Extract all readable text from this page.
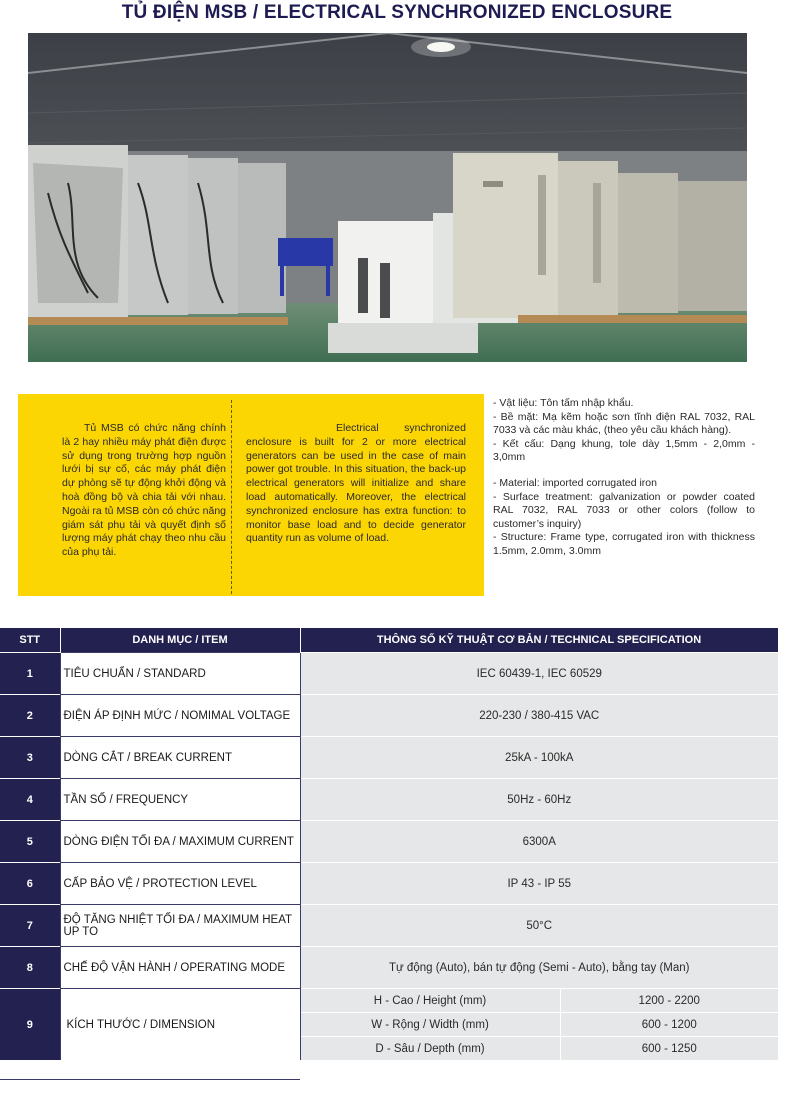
TỦ ĐIỆN MSB / ELECTRICAL SYNCHRONIZED ENCLOSURE
Tủ MSB có chức năng chính là 2 hay nhiều máy phát điện được sử dụng trong trường hợp nguồn lưới bị sự cố, các máy phát điện dự phòng sẽ tự động khởi động và hoà đồng bộ và chia tải với nhau. Ngoài ra tủ MSB còn có chức năng giám sát phụ tải và quyết định số lượng máy phát chạy theo nhu cầu của phụ tải.
Electrical synchronized enclosure is built for 2 or more electrical generators can be used in the case of main power got trouble. In this situation, the back-up electrical generators will initialize and share load automatically. Moreover, the electrical synchronized enclosure has extra function: to monitor base load and to decide generator quantity run as volume of load.

- Vật liệu: Tôn tấm nhập khẩu.

- Bề mặt: Mạ kẽm hoặc sơn tĩnh điện RAL 7032, RAL 7033 và các màu khác, (theo yêu cầu khách hàng).

- Kết cấu: Dạng khung, tole dày 1,5mm - 2,0mm - 3,0mm

- Material: imported corrugated iron

- Surface treatment: galvanization or powder coated RAL 7032, RAL 7033 or other colors (follow to customer’s inquiry)

- Structure: Frame type, corrugated iron with thickness 1.5mm, 2.0mm, 3.0mm

STT	DANH MỤC / ITEM	THÔNG SỐ KỸ THUẬT CƠ BẢN / TECHNICAL SPECIFICATION	
1	TIÊU CHUẨN / STANDARD	IEC 60439-1, IEC 60529	
2	ĐIỆN ÁP ĐỊNH MỨC / NOMIMAL VOLTAGE	220-230 / 380-415 VAC	
3	DÒNG CẮT / BREAK CURRENT	25kA - 100kA	
4	TẦN SỐ / FREQUENCY	50Hz - 60Hz	
5	DÒNG ĐIỆN TỐI ĐA / MAXIMUM CURRENT	6300A	
6	CẤP BẢO VỆ / PROTECTION LEVEL	IP 43 - IP 55	
7	ĐỘ TĂNG NHIỆT TỐI ĐA / MAXIMUM HEAT UP TO	50°C	
8	CHẾ ĐỘ VẬN HÀNH / OPERATING MODE	Tự động (Auto), bán tự động (Semi - Auto), bằng tay (Man)	
9	KÍCH THƯỚC / DIMENSION	H - Cao / Height (mm)	1200 - 2200
		W - Rộng / Width (mm)	600 - 1200
		D - Sâu / Depth (mm)	600 - 1250
